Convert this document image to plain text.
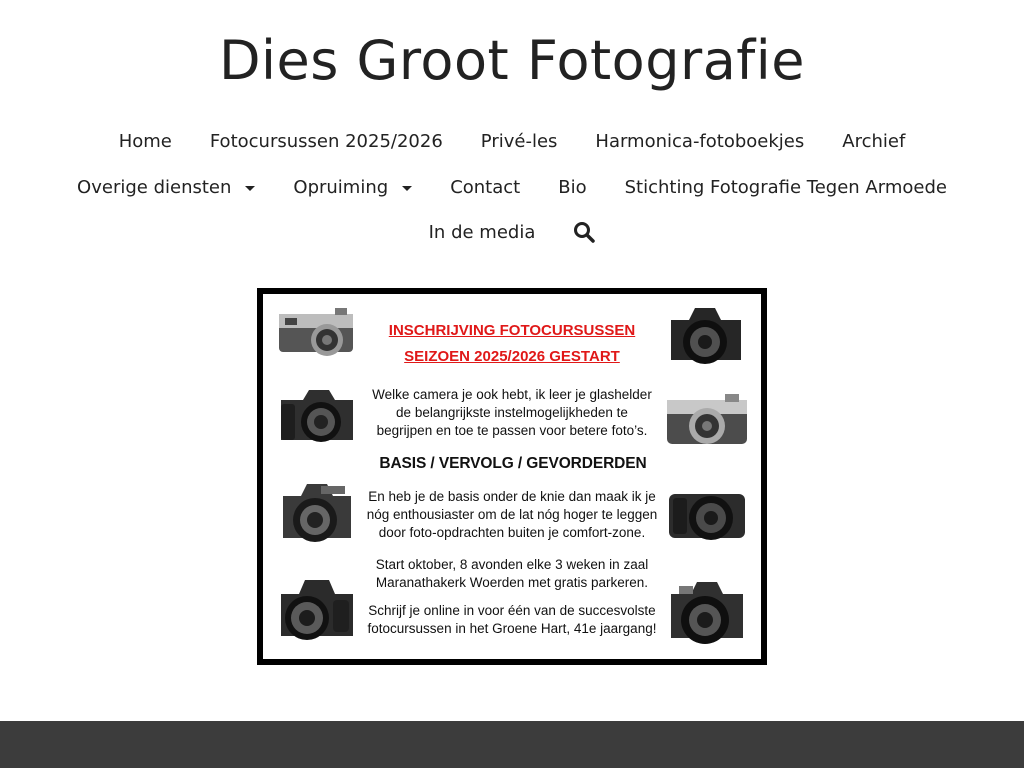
Dies Groot Fotografie
Home Fotocursussen 2025/2026 Privé-les Harmonica-fotoboekjes Archief
Overige diensten	Opruiming	Contact Bio Stichting Fotografie Tegen Armoede
In de media
INSCHRIJVING FOTOCURSUSSEN
SEIZOEN 2025/2026 GESTART
Welke camera je ook hebt, ik leer je glashelder
de belangrijkste instelmogelijkheden te
begrijpen en toe te passen voor betere foto’s.
BASIS / VERVOLG / GEVORDERDEN
En heb je de basis onder de knie dan maak ik je
nóg enthousiaster om de lat nóg hoger te leggen
door foto-opdrachten buiten je comfort-zone.
Start oktober, 8 avonden elke 3 weken in zaal
Maranathakerk Woerden met gratis parkeren.
Schrijf je online in voor één van de succesvolste
fotocursussen in het Groene Hart, 41e jaargang!
